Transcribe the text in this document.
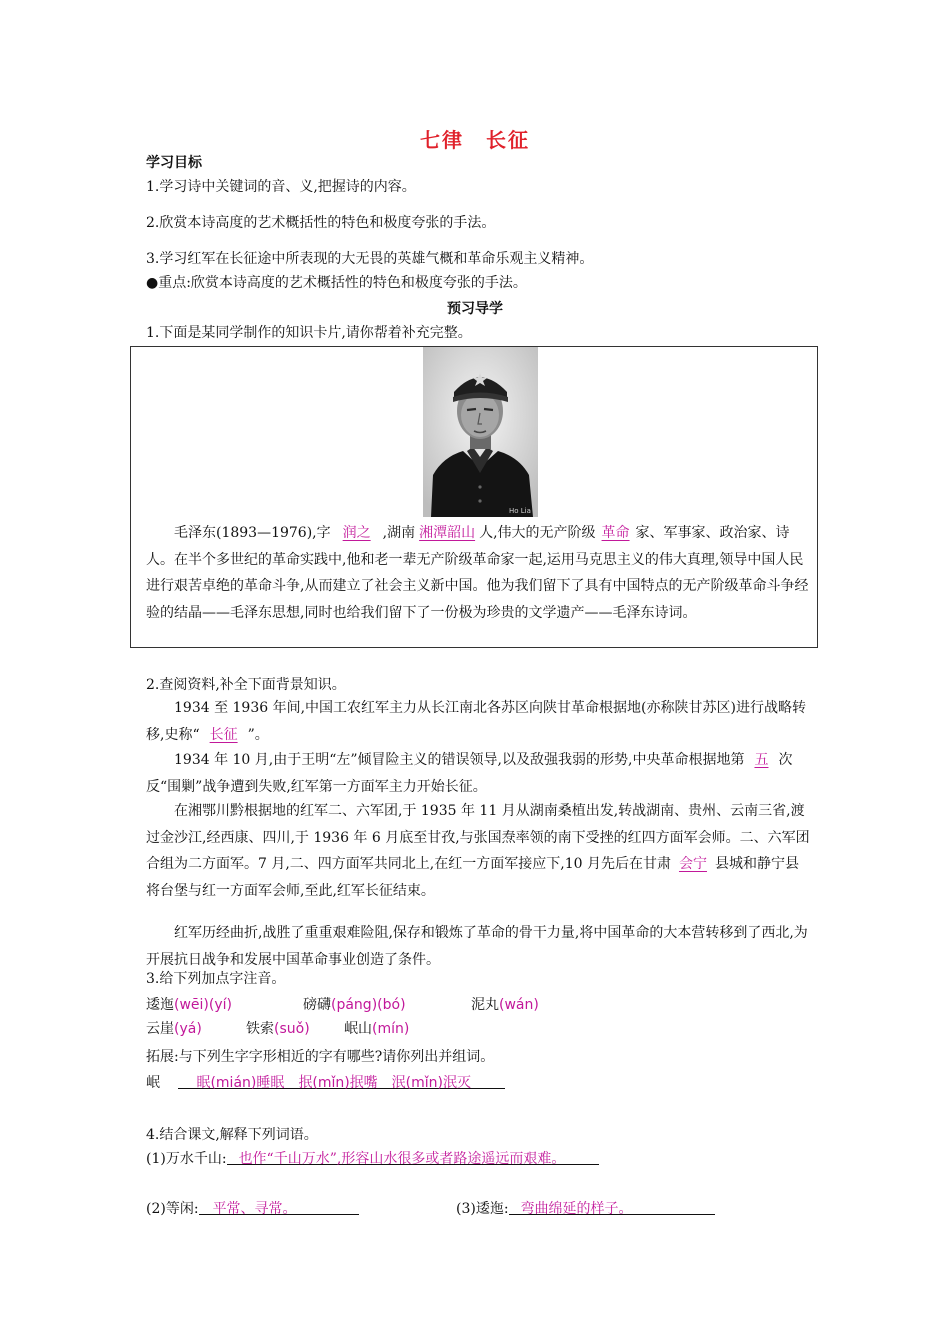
七律　长征
学习目标
1.学习诗中关键词的音、义,把握诗的内容。
2.欣赏本诗高度的艺术概括性的特色和极度夸张的手法。
3.学习红军在长征途中所表现的大无畏的英雄气概和革命乐观主义精神。
●重点:欣赏本诗高度的艺术概括性的特色和极度夸张的手法。
预习导学
1.下面是某同学制作的知识卡片,请你帮着补充完整。
Ho Lia
毛泽东(1893—1976),字 润之 ,湖南 湘潭韶山 人,伟大的无产阶级 革命 家、军事家、政治家、诗人。在半个多世纪的革命实践中,他和老一辈无产阶级革命家一起,运用马克思主义的伟大真理,领导中国人民进行艰苦卓绝的革命斗争,从而建立了社会主义新中国。他为我们留下了具有中国特点的无产阶级革命斗争经验的结晶——毛泽东思想,同时也给我们留下了一份极为珍贵的文学遗产——毛泽东诗词。
2.查阅资料,补全下面背景知识。
1934 至 1936 年间,中国工农红军主力从长江南北各苏区向陕甘革命根据地(亦称陕甘苏区)进行战略转移,史称“ 长征 ”。
1934 年 10 月,由于王明“左”倾冒险主义的错误领导,以及敌强我弱的形势,中央革命根据地第 五 次反“围剿”战争遭到失败,红军第一方面军主力开始长征。
在湘鄂川黔根据地的红军二、六军团,于 1935 年 11 月从湖南桑植出发,转战湖南、贵州、云南三省,渡过金沙江,经西康、四川,于 1936 年 6 月底至甘孜,与张国焘率领的南下受挫的红四方面军会师。二、六军团合组为二方面军。7 月,二、四方面军共同北上,在红一方面军接应下,10 月先后在甘肃 会宁 县城和静宁县将台堡与红一方面军会师,至此,红军长征结束。
红军历经曲折,战胜了重重艰难险阻,保存和锻炼了革命的骨干力量,将中国革命的大本营转移到了西北,为开展抗日战争和发展中国革命事业创造了条件。
3.给下列加点字注音。
逶迤(wēi)(yí)	磅礴(páng)(bó)	泥丸(wán)
云崖(yá)	铁索(suǒ) 岷山(mín)
拓展:与下列生字字形相近的字有哪些?请你列出并组词。
岷	眠(mián)睡眠　抿(mǐn)抿嘴　泯(mǐn)泯灭
4.结合课文,解释下列词语。
(1)万水千山: 也作“千山万水”,形容山水很多或者路途遥远而艰难。
(2)等闲: 平常、寻常。	(3)逶迤: 弯曲绵延的样子。
